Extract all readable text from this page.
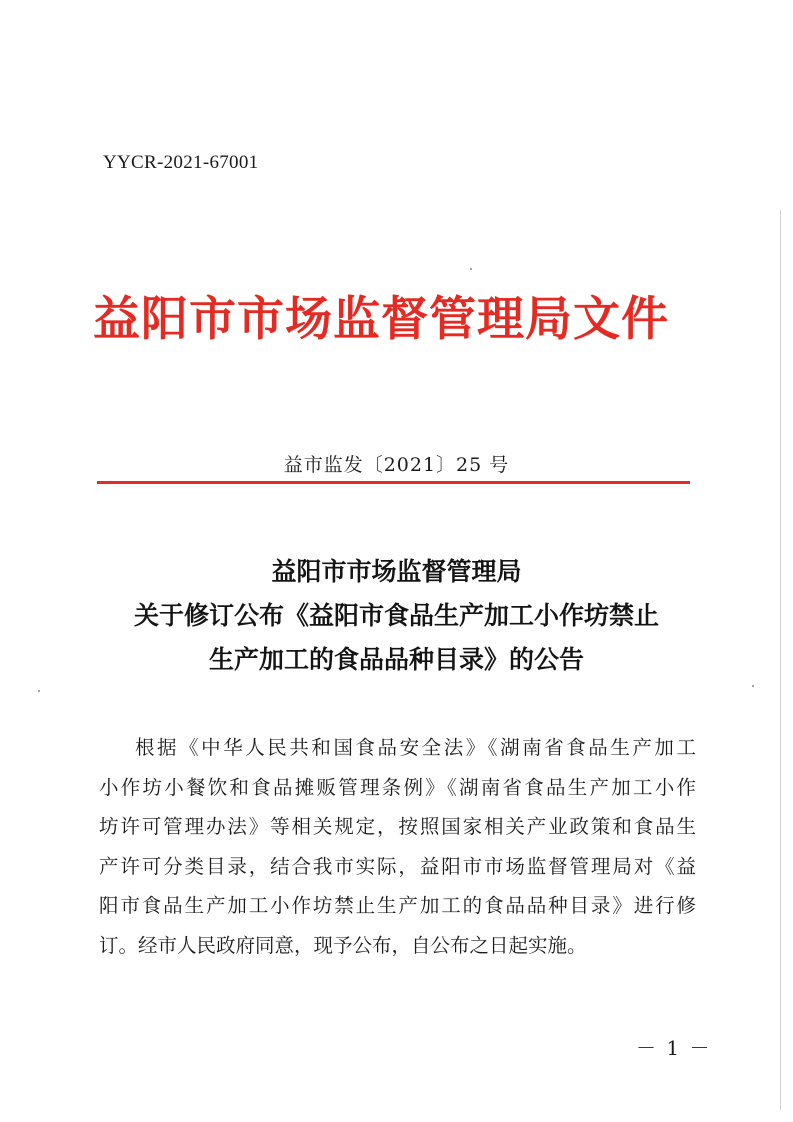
YYCR-2021-67001
益阳市市场监督管理局文件
益市监发〔2021〕25 号
益阳市市场监督管理局
关于修订公布《益阳市食品生产加工小作坊禁止
生产加工的食品品种目录》的公告
根据《中华人民共和国食品安全法》《湖南省食品生产加工
小作坊小餐饮和食品摊贩管理条例》《湖南省食品生产加工小作
坊许可管理办法》等相关规定，按照国家相关产业政策和食品生
产许可分类目录，结合我市实际，益阳市市场监督管理局对《益
阳市食品生产加工小作坊禁止生产加工的食品品种目录》进行修
订。经市人民政府同意，现予公布，自公布之日起实施。
－ 1 －
